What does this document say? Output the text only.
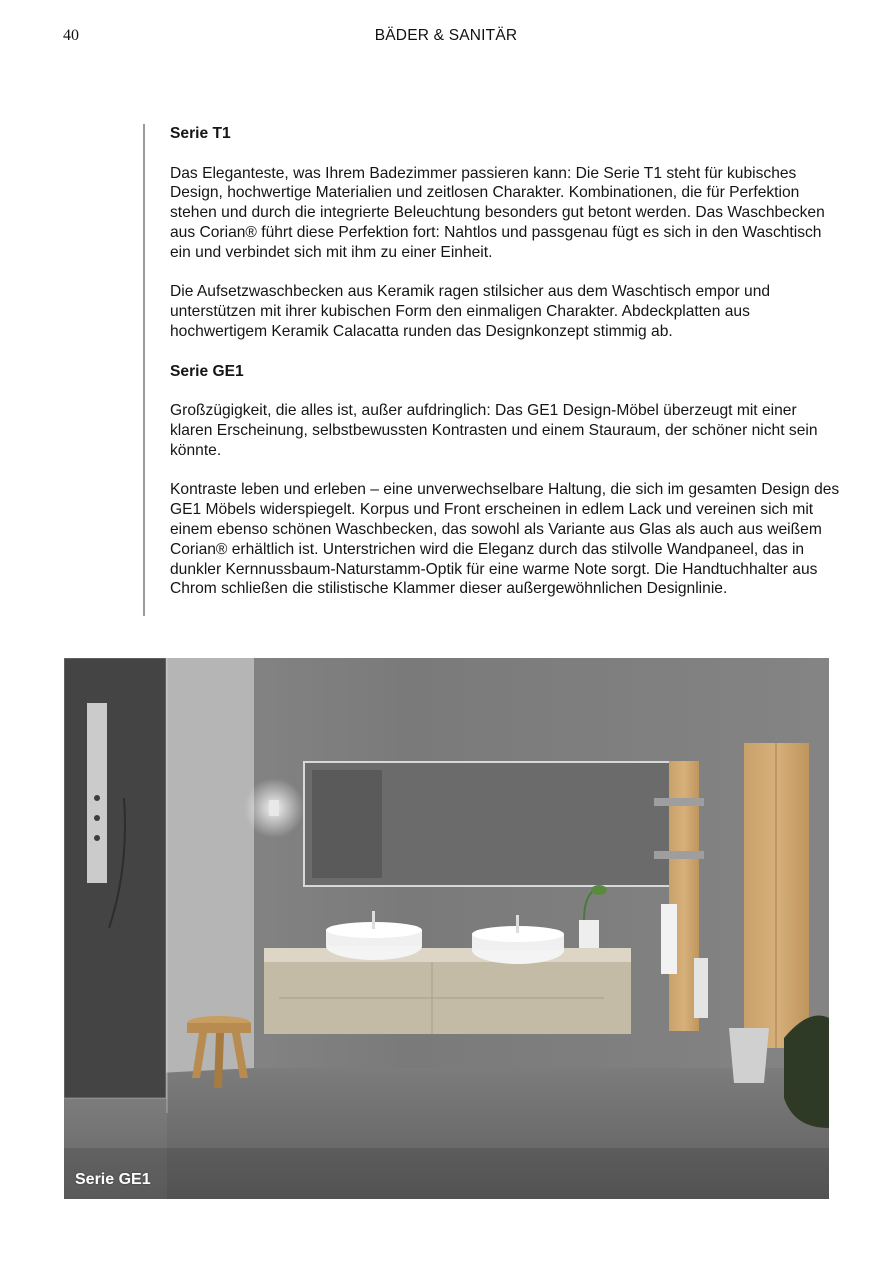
40	BÄDER & SANITÄR
Serie T1

Das Eleganteste, was Ihrem Badezimmer passieren kann: Die Serie T1 steht für kubisches Design, hochwertige Materialien und zeitlosen Charakter. Kombinationen, die für Perfektion stehen und durch die integrierte Beleuchtung besonders gut betont werden. Das Waschbecken aus Corian® führt diese Perfektion fort: Nahtlos und passgenau fügt es sich in den Waschtisch ein und verbindet sich mit ihm zu einer Einheit.

Die Aufsetzwaschbecken aus Keramik ragen stilsicher aus dem Waschtisch empor und unterstützen mit ihrer kubischen Form den einmaligen Charakter. Abdeckplatten aus hochwertigem Keramik Calacatta runden das Designkonzept stimmig ab.

Serie GE1

Großzügigkeit, die alles ist, außer aufdringlich: Das GE1 Design-Möbel überzeugt mit einer klaren Erscheinung, selbstbewussten Kontrasten und einem Stauraum, der schöner nicht sein könnte.

Kontraste leben und erleben – eine unverwechselbare Haltung, die sich im gesamten Design des GE1 Möbels widerspiegelt. Korpus und Front erscheinen in edlem Lack und vereinen sich mit einem ebenso schönen Waschbecken, das sowohl als Variante aus Glas als auch aus weißem Corian® erhältlich ist. Unterstrichen wird die Eleganz durch das stilvolle Wandpaneel, das in dunkler Kernnussbaum-Naturstamm-Optik für eine warme Note sorgt. Die Handtuchhalter aus Chrom schließen die stilistische Klammer dieser außergewöhnlichen Designlinie.

Serie GE1
